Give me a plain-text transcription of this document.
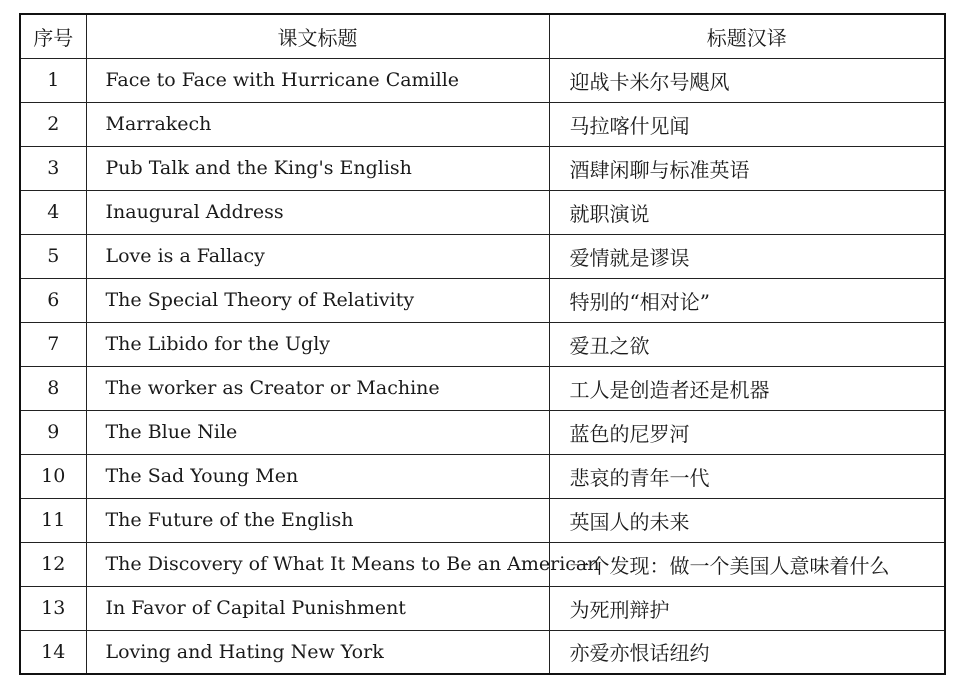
序号	课文标题	标题汉译
1	Face to Face with Hurricane Camille	迎战卡米尔号飓风
2	Marrakech	马拉喀什见闻
3	Pub Talk and the King's English	酒肆闲聊与标准英语
4	Inaugural Address	就职演说
5	Love is a Fallacy	爱情就是谬误
6	The Special Theory of Relativity	特别的“相对论”
7	The Libido for the Ugly	爱丑之欲
8	The worker as Creator or Machine	工人是创造者还是机器
9	The Blue Nile	蓝色的尼罗河
10	The Sad Young Men	悲哀的青年一代
11	The Future of the English	英国人的未来
12	The Discovery of What It Means to Be an American	一个发现：做一个美国人意味着什么
13	In Favor of Capital Punishment	为死刑辩护
14	Loving and Hating New York	亦爱亦恨话纽约
